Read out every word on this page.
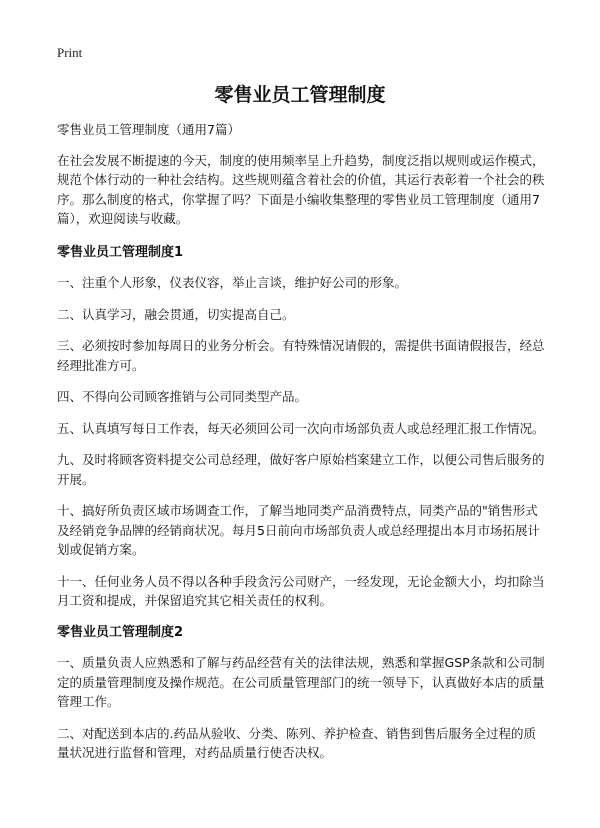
Print
零售业员工管理制度

零售业员工管理制度（通用7篇）

在社会发展不断提速的今天，制度的使用频率呈上升趋势，制度泛指以规则或运作模式，规范个体行动的一种社会结构。这些规则蕴含着社会的价值，其运行表彰着一个社会的秩序。那么制度的格式，你掌握了吗？下面是小编收集整理的零售业员工管理制度（通用7篇），欢迎阅读与收藏。

零售业员工管理制度1

一、注重个人形象，仪表仪容，举止言谈，维护好公司的形象。

二、认真学习，融会贯通，切实提高自己。

三、必须按时参加每周日的业务分析会。有特殊情况请假的，需提供书面请假报告，经总经理批准方可。

四、不得向公司顾客推销与公司同类型产品。

五、认真填写每日工作表，每天必须回公司一次向市场部负责人或总经理汇报工作情况。

九、及时将顾客资料提交公司总经理，做好客户原始档案建立工作，以便公司售后服务的开展。

十、搞好所负责区域市场调查工作，了解当地同类产品消费特点，同类产品的"销售形式及经销竞争品牌的经销商状况。每月5日前向市场部负责人或总经理提出本月市场拓展计划或促销方案。

十一、任何业务人员不得以各种手段贪污公司财产，一经发现，无论金额大小，均扣除当月工资和提成，并保留追究其它相关责任的权利。

零售业员工管理制度2

一、质量负责人应熟悉和了解与药品经营有关的法律法规，熟悉和掌握GSP条款和公司制定的质量管理制度及操作规范。在公司质量管理部门的统一领导下，认真做好本店的质量管理工作。

二、对配送到本店的.药品从验收、分类、陈列、养护检查、销售到售后服务全过程的质量状况进行监督和管理，对药品质量行使否决权。
